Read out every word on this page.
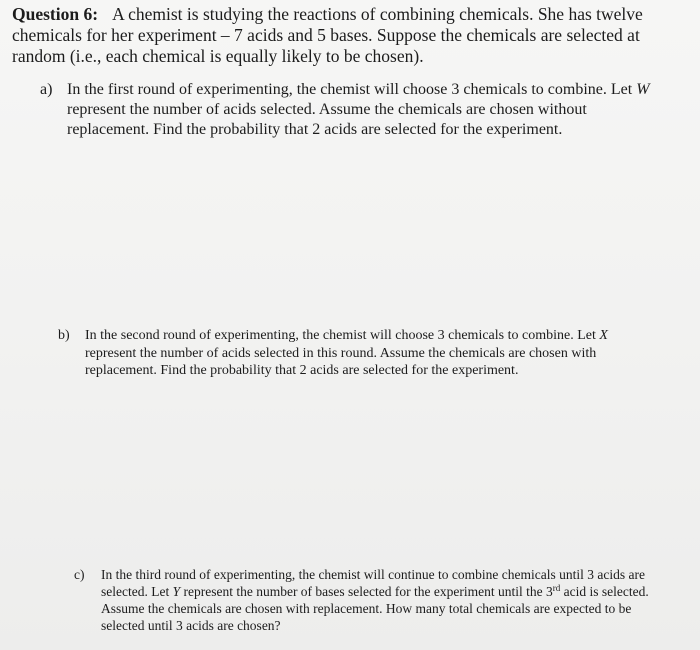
Question 6: A chemist is studying the reactions of combining chemicals. She has twelve chemicals for her experiment – 7 acids and 5 bases. Suppose the chemicals are selected at random (i.e., each chemical is equally likely to be chosen).
a) In the first round of experimenting, the chemist will choose 3 chemicals to combine. Let W represent the number of acids selected. Assume the chemicals are chosen without replacement. Find the probability that 2 acids are selected for the experiment.
b) In the second round of experimenting, the chemist will choose 3 chemicals to combine. Let X represent the number of acids selected in this round. Assume the chemicals are chosen with replacement. Find the probability that 2 acids are selected for the experiment.
c) In the third round of experimenting, the chemist will continue to combine chemicals until 3 acids are selected. Let Y represent the number of bases selected for the experiment until the 3rd acid is selected. Assume the chemicals are chosen with replacement. How many total chemicals are expected to be selected until 3 acids are chosen?
